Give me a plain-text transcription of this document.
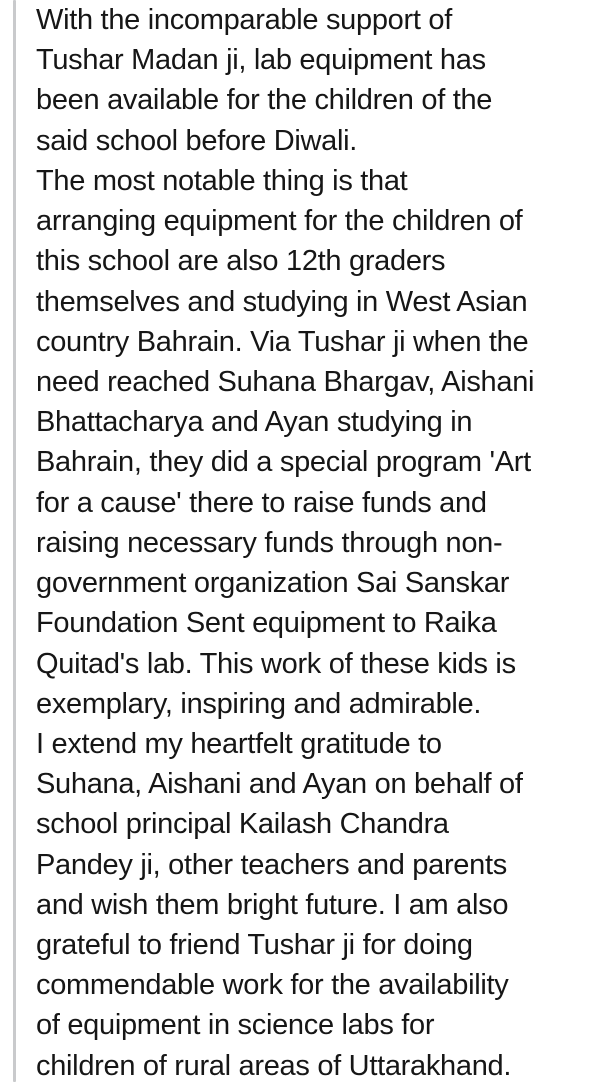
With the incomparable support of
Tushar Madan ji, lab equipment has
been available for the children of the
said school before Diwali.
The most notable thing is that
arranging equipment for the children of
this school are also 12th graders
themselves and studying in West Asian
country Bahrain. Via Tushar ji when the
need reached Suhana Bhargav, Aishani
Bhattacharya and Ayan studying in
Bahrain, they did a special program 'Art
for a cause' there to raise funds and
raising necessary funds through non-
government organization Sai Sanskar
Foundation Sent equipment to Raika
Quitad's lab. This work of these kids is
exemplary, inspiring and admirable.
I extend my heartfelt gratitude to
Suhana, Aishani and Ayan on behalf of
school principal Kailash Chandra
Pandey ji, other teachers and parents
and wish them bright future. I am also
grateful to friend Tushar ji for doing
commendable work for the availability
of equipment in science labs for
children of rural areas of Uttarakhand.
